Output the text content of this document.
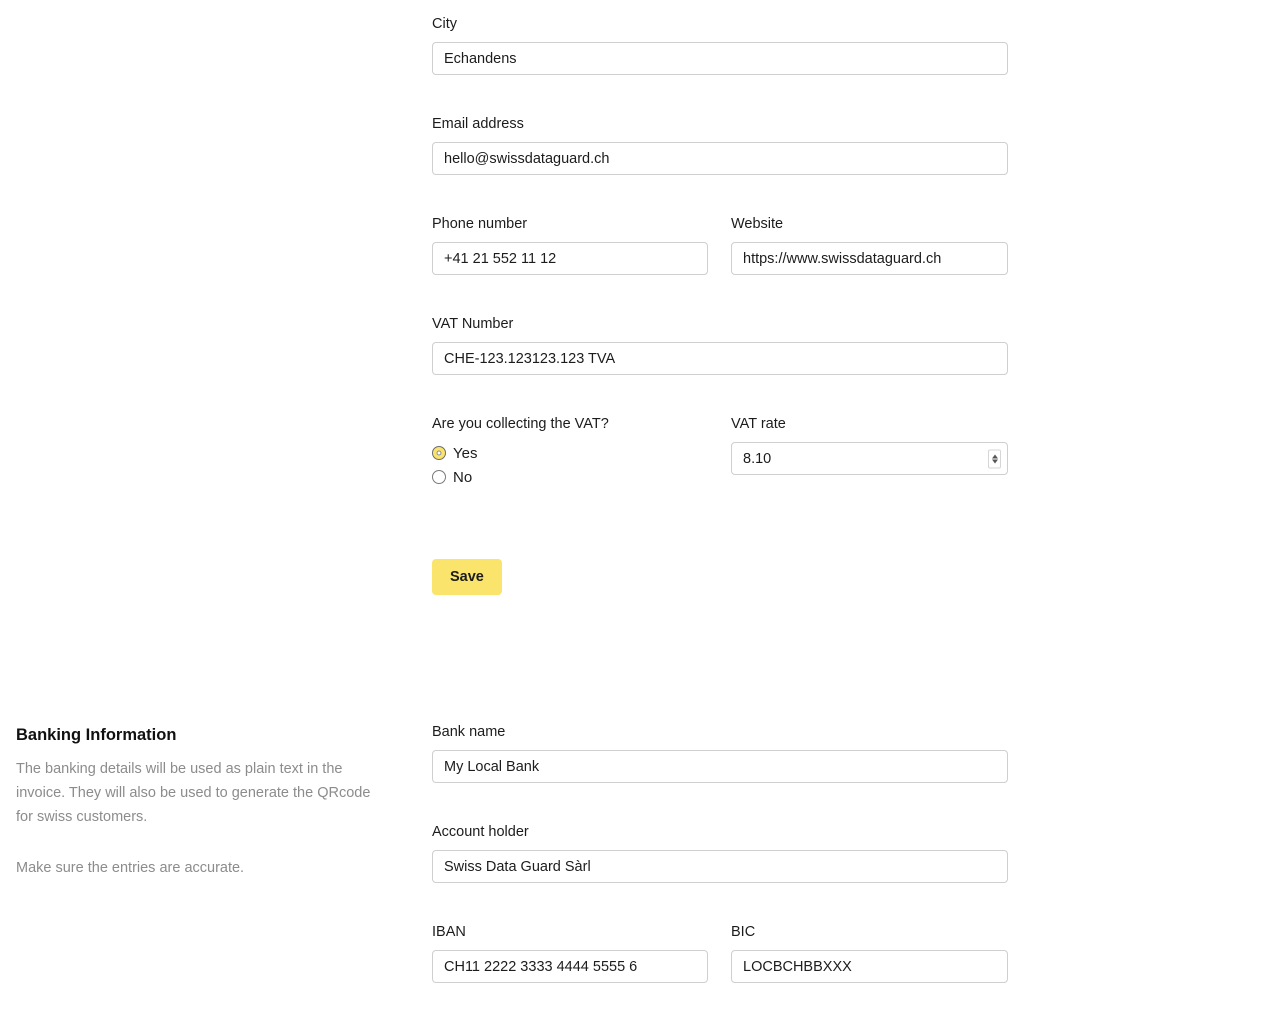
City
Echandens
Email address
hello@swissdataguard.ch
Phone number
+41 21 552 11 12	Website
https://www.swissdataguard.ch
VAT Number
CHE-123.123123.123 TVA
Are you collecting the VAT?
Yes
No
VAT rate
8.10
Save
Banking Information

The banking details will be used as plain text in the invoice. They will also be used to generate the QRcode for swiss customers.

Make sure the entries are accurate.

Bank name
My Local Bank
Account holder
Swiss Data Guard Sàrl
IBAN
CH11 2222 3333 4444 5555 6	BIC
LOCBCHBBXXX
